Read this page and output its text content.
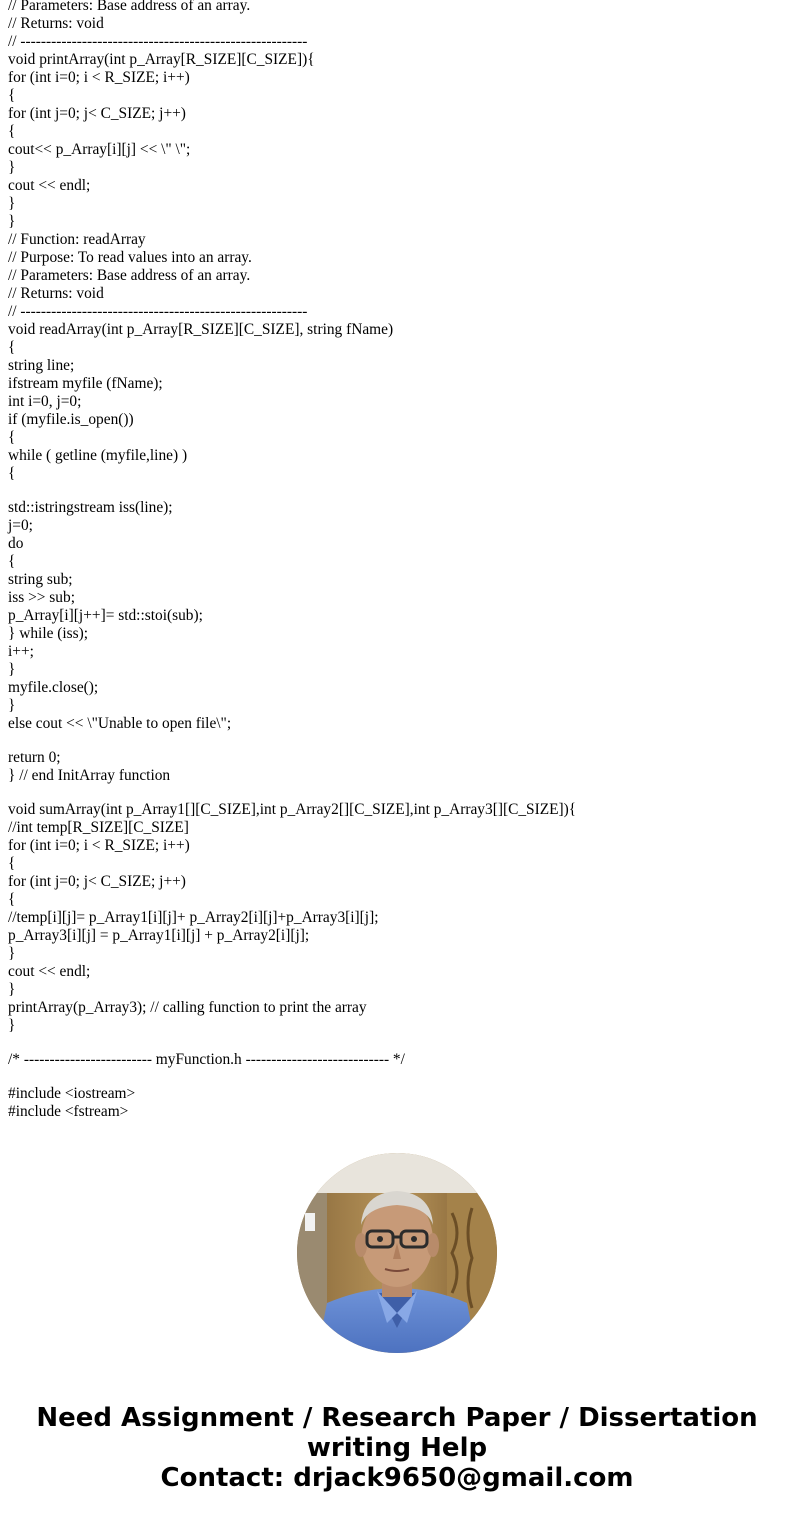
// Parameters: Base address of an array.
// Returns: void
// --------------------------------------------------------
void printArray(int p_Array[R_SIZE][C_SIZE]){
for (int i=0; i < R_SIZE; i++)
{
for (int j=0; j< C_SIZE; j++)
{
cout<< p_Array[i][j] << \" \";
}
cout << endl;
}
}
// Function: readArray
// Purpose: To read values into an array.
// Parameters: Base address of an array.
// Returns: void
// --------------------------------------------------------
void readArray(int p_Array[R_SIZE][C_SIZE], string fName)
{
string line;
ifstream myfile (fName);
int i=0, j=0;
if (myfile.is_open())
{
while ( getline (myfile,line) )
{
std::istringstream iss(line);
j=0;
do
{
string sub;
iss >> sub;
p_Array[i][j++]= std::stoi(sub);
} while (iss);
i++;
}
myfile.close();
}
else cout << \"Unable to open file\";
return 0;
} // end InitArray function
void sumArray(int p_Array1[][C_SIZE],int p_Array2[][C_SIZE],int p_Array3[][C_SIZE]){
//int temp[R_SIZE][C_SIZE]
for (int i=0; i < R_SIZE; i++)
{
for (int j=0; j< C_SIZE; j++)
{
//temp[i][j]= p_Array1[i][j]+ p_Array2[i][j]+p_Array3[i][j];
p_Array3[i][j] = p_Array1[i][j] + p_Array2[i][j];
}
cout << endl;
}
printArray(p_Array3); // calling function to print the array
}
/* ------------------------- myFunction.h ---------------------------- */
#include <iostream>
#include <fstream>
Need Assignment / Research Paper / Dissertation
writing Help
Contact: drjack9650@gmail.com
